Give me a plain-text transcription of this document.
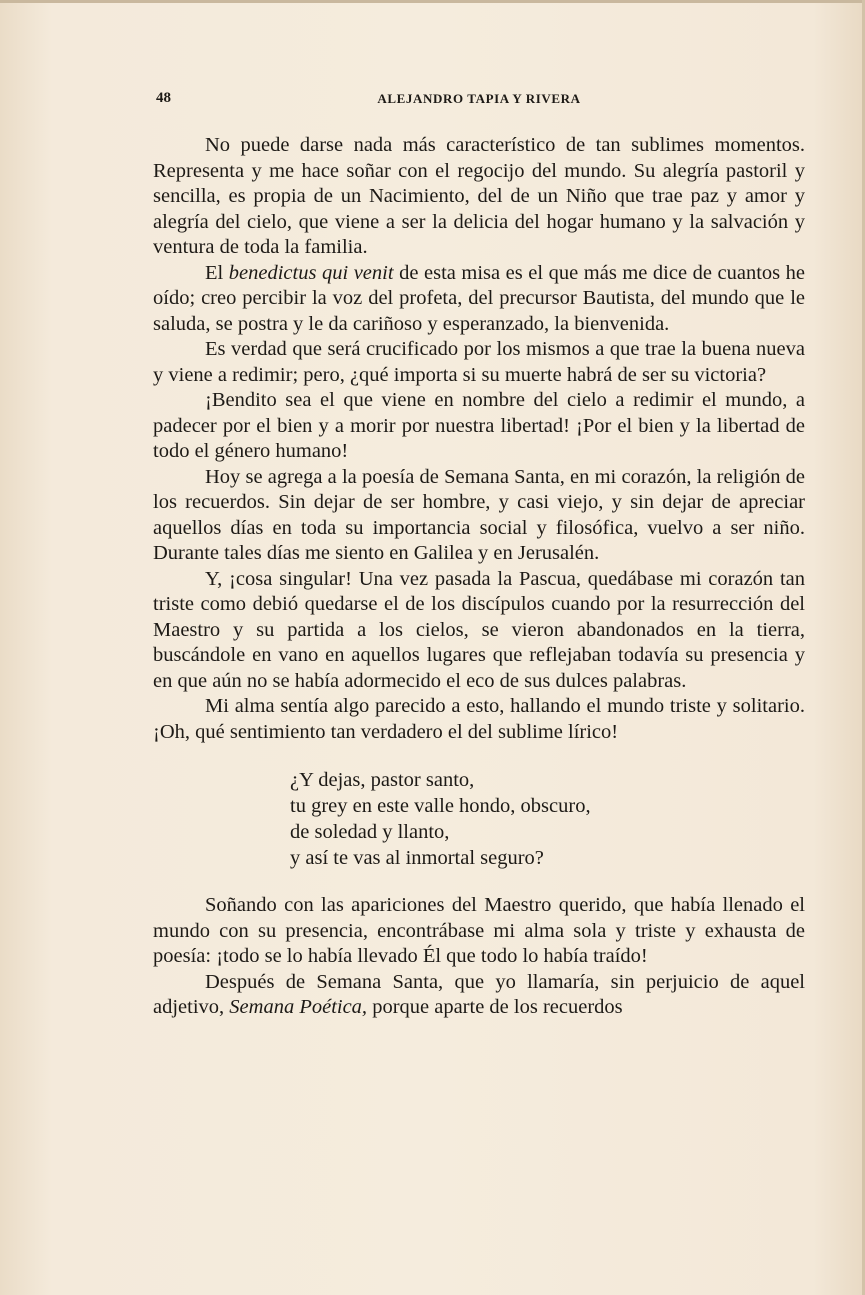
48	ALEJANDRO TAPIA Y RIVERA

No puede darse nada más característico de tan sublimes momentos. Representa y me hace soñar con el regocijo del mundo. Su alegría pastoril y sencilla, es propia de un Nacimiento, del de un Niño que trae paz y amor y alegría del cielo, que viene a ser la delicia del hogar humano y la salvación y ventura de toda la familia.

El benedictus qui venit de esta misa es el que más me dice de cuantos he oído; creo percibir la voz del profeta, del precursor Bautista, del mundo que le saluda, se postra y le da cariñoso y esperanzado, la bienvenida.

Es verdad que será crucificado por los mismos a que trae la buena nueva y viene a redimir; pero, ¿qué importa si su muerte habrá de ser su victoria?

¡Bendito sea el que viene en nombre del cielo a redimir el mundo, a padecer por el bien y a morir por nuestra libertad! ¡Por el bien y la libertad de todo el género humano!

Hoy se agrega a la poesía de Semana Santa, en mi corazón, la religión de los recuerdos. Sin dejar de ser hombre, y casi viejo, y sin dejar de apreciar aquellos días en toda su importancia social y filosófica, vuelvo a ser niño. Durante tales días me siento en Galilea y en Jerusalén.

Y, ¡cosa singular! Una vez pasada la Pascua, quedábase mi corazón tan triste como debió quedarse el de los discípulos cuando por la resurrección del Maestro y su partida a los cielos, se vieron abandonados en la tierra, buscándole en vano en aquellos lugares que reflejaban todavía su presencia y en que aún no se había adormecido el eco de sus dulces palabras.

Mi alma sentía algo parecido a esto, hallando el mundo triste y solitario. ¡Oh, qué sentimiento tan verdadero el del sublime lírico!

¿Y dejas, pastor santo,
tu grey en este valle hondo, obscuro,
de soledad y llanto,
y así te vas al inmortal seguro?

Soñando con las apariciones del Maestro querido, que había llenado el mundo con su presencia, encontrábase mi alma sola y triste y exhausta de poesía: ¡todo se lo había llevado Él que todo lo había traído!

Después de Semana Santa, que yo llamaría, sin perjuicio de aquel adjetivo, Semana Poética, porque aparte de los recuerdos
